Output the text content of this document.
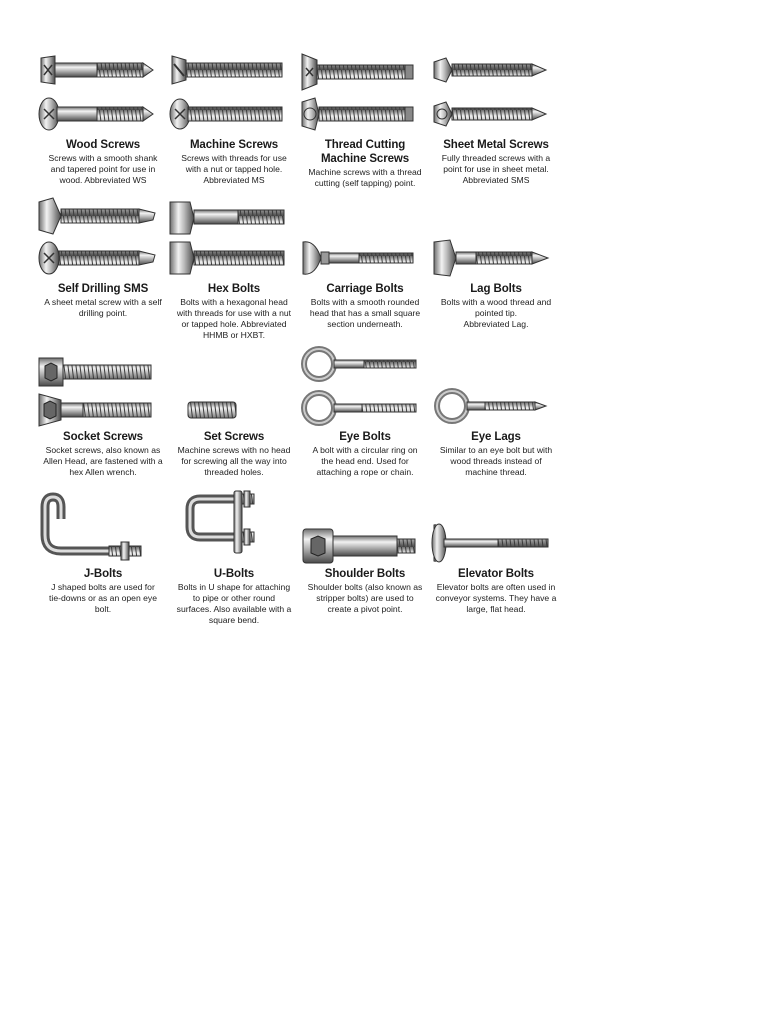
Wood Screws

Screws with a smooth shank
and tapered point for use in
wood. Abbreviated WS

Machine Screws

Screws with threads for use
with a nut or tapped hole.
Abbreviated MS

Thread Cutting
Machine Screws

Machine screws with a thread
cutting (self tapping) point.

Sheet Metal Screws

Fully threaded screws with a
point for use in sheet metal.
Abbreviated SMS

Self Drilling SMS

A sheet metal screw with a self
drilling point.

Hex Bolts

Bolts with a hexagonal head
with threads for use with a nut
or tapped hole. Abbreviated
HHMB or HXBT.

Carriage Bolts

Bolts with a smooth rounded
head that has a small square
section underneath.

Lag Bolts

Bolts with a wood thread and
pointed tip.
Abbreviated Lag.

Socket Screws

Socket screws, also known as
Allen Head, are fastened with a
hex Allen wrench.

Set Screws

Machine screws with no head
for screwing all the way into
threaded holes.

Eye Bolts

A bolt with a circular ring on
the head end. Used for
attaching a rope or chain.

Eye Lags

Similar to an eye bolt but with
wood threads instead of
machine thread.

J-Bolts

J shaped bolts are used for
tie-downs or as an open eye
bolt.

U-Bolts

Bolts in U shape for attaching
to pipe or other round
surfaces. Also available with a
square bend.

Shoulder Bolts

Shoulder bolts (also known as
stripper bolts) are used to
create a pivot point.

Elevator Bolts

Elevator bolts are often used in
conveyor systems. They have a
large, flat head.
